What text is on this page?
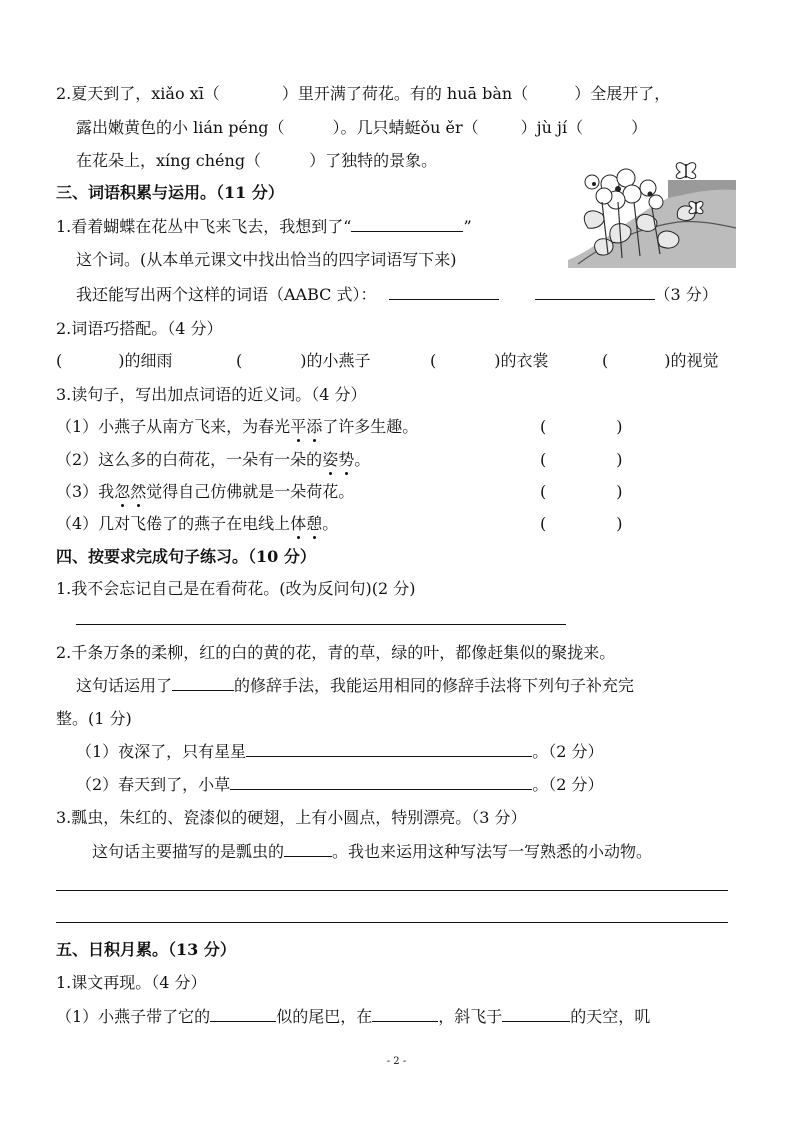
2.夏天到了，xiǎo xī（	）里开满了荷花。有的 huā bàn（	）全展开了，
露出嫩黄色的小 lián péng（	）。几只蜻蜓ǒu ěr（	）jù jí（	）
在花朵上，xíng chéng（	）了独特的景象。
三、词语积累与运用。（11 分）
1.看着蝴蝶在花丛中飞来飞去，我想到了“	”
这个词。(从本单元课文中找出恰当的四字词语写下来)
我还能写出两个这样的词语（AABC 式）：	（3 分）
2.词语巧搭配。（4 分）
(	)的细雨	(	)的小燕子	(	)的衣裳	(	)的视觉
3.读句子，写出加点词语的近义词。（4 分）
（1）小燕子从南方飞来，为春光平添了许多生趣。	(	)
（2）这么多的白荷花，一朵有一朵的姿势。	(	)
（3）我忽然觉得自己仿佛就是一朵荷花。	(	)
（4）几对飞倦了的燕子在电线上体憩。	(	)
四、按要求完成句子练习。（10 分）
1.我不会忘记自己是在看荷花。(改为反问句)(2 分)
2.千条万条的柔柳，红的白的黄的花，青的草，绿的叶，都像赶集似的聚拢来。
这句话运用了	的修辞手法，我能运用相同的修辞手法将下列句子补充完
整。(1 分)
（1）夜深了，只有星星	。（2 分）
（2）春天到了，小草	。（2 分）
3.瓢虫，朱红的、瓷漆似的硬翅，上有小圆点，特别漂亮。（3 分）
这句话主要描写的是瓢虫的	。我也来运用这种写法写一写熟悉的小动物。
五、日积月累。（13 分）
1.课文再现。（4 分）
（1）小燕子带了它的	似的尾巴，在	，斜飞于	的天空，叽
- 2 -
